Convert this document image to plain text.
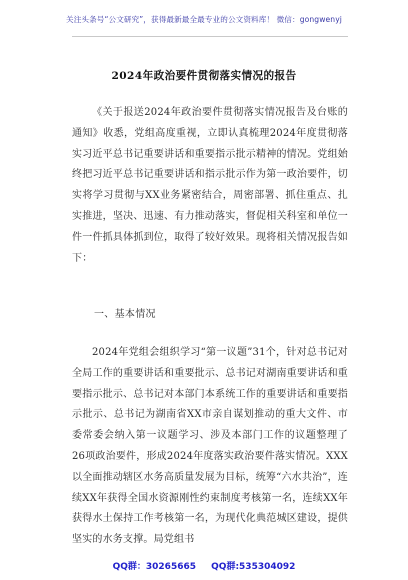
关注头条号“公文研究”，获得最新最全最专业的公文资料库！ 微信：gongwenyj
2024年政治要件贯彻落实情况的报告
《关于报送2024年政治要件贯彻落实情况报告及台账的通知》收悉，党组高度重视，立即认真梳理2024年度贯彻落实习近平总书记重要讲话和重要指示批示精神的情况。党组始终把习近平总书记重要讲话和指示批示作为第一政治要件，切实将学习贯彻与XX业务紧密结合，周密部署、抓住重点、扎实推进，坚决、迅速、有力推动落实，督促相关科室和单位一件一件抓具体抓到位，取得了较好效果。现将相关情况报告如下：
一、基本情况
2024年党组会组织学习“第一议题”31个，针对总书记对全局工作的重要讲话和重要批示、总书记对湖南重要讲话和重要指示批示、总书记对本部门本系统工作的重要讲话和重要指示批示、总书记为湖南省XX市亲自谋划推动的重大文件、市委常委会纳入第一议题学习、涉及本部门工作的议题整理了26项政治要件，形成2024年度落实政治要件落实情况。XXX以全面推动辖区水务高质量发展为目标，统筹“六水共治”，连续XX年获得全国水资源刚性约束制度考核第一名，连续XX年获得水土保持工作考核第一名，为现代化典范城区建设，提供坚实的水务支撑。局党组书
QQ群：30265665 QQ群:535304092
